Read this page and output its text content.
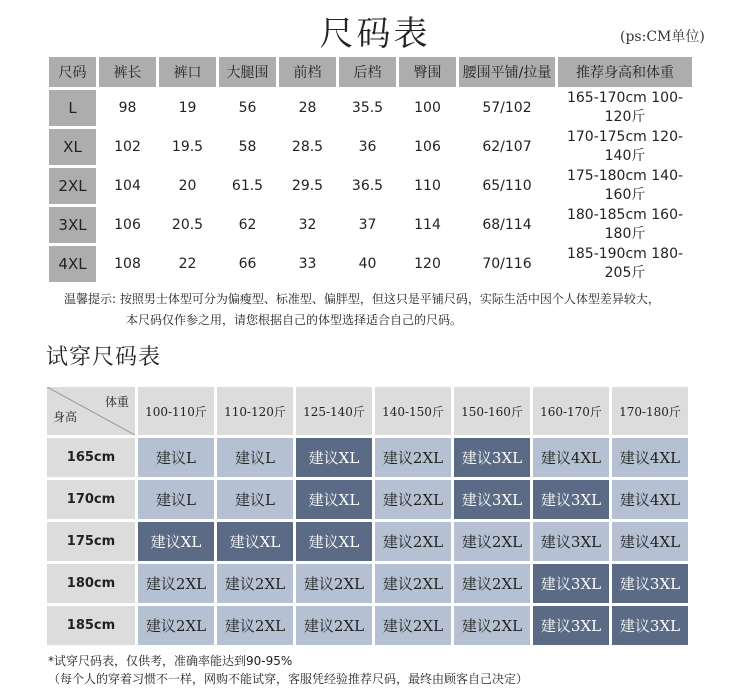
尺码表	(ps:CM单位)
尺码	裤长	裤口	大腿围	前档	后档	臀围	腰围平铺/拉量	推荐身高和体重
L	98	19	56	28	35.5	100	57/102	165-170cm 100-120斤
XL	102	19.5	58	28.5	36	106	62/107	170-175cm 120-140斤
2XL	104	20	61.5	29.5	36.5	110	65/110	175-180cm 140-160斤
3XL	106	20.5	62	32	37	114	68/114	180-185cm 160-180斤
4XL	108	22	66	33	40	120	70/116	185-190cm 180-205斤
温馨提示: 按照男士体型可分为偏瘦型、标准型、偏胖型，但这只是平铺尺码，实际生活中因个人体型差异较大，
本尺码仅作参之用，请您根据自己的体型选择适合自己的尺码。
试穿尺码表
体重
身高	100-110斤	110-120斤	125-140斤	140-150斤	150-160斤	160-170斤	170-180斤
165cm	建议L	建议L	建议XL	建议2XL	建议3XL	建议4XL	建议4XL
170cm	建议L	建议L	建议XL	建议2XL	建议3XL	建议3XL	建议4XL
175cm	建议XL	建议XL	建议XL	建议2XL	建议2XL	建议3XL	建议4XL
180cm	建议2XL	建议2XL	建议2XL	建议2XL	建议2XL	建议3XL	建议3XL
185cm	建议2XL	建议2XL	建议2XL	建议2XL	建议2XL	建议3XL	建议3XL
*试穿尺码表，仅供考，准确率能达到90-95%
（每个人的穿着习惯不一样，网购不能试穿，客服凭经验推荐尺码，最终由顾客自己决定）
